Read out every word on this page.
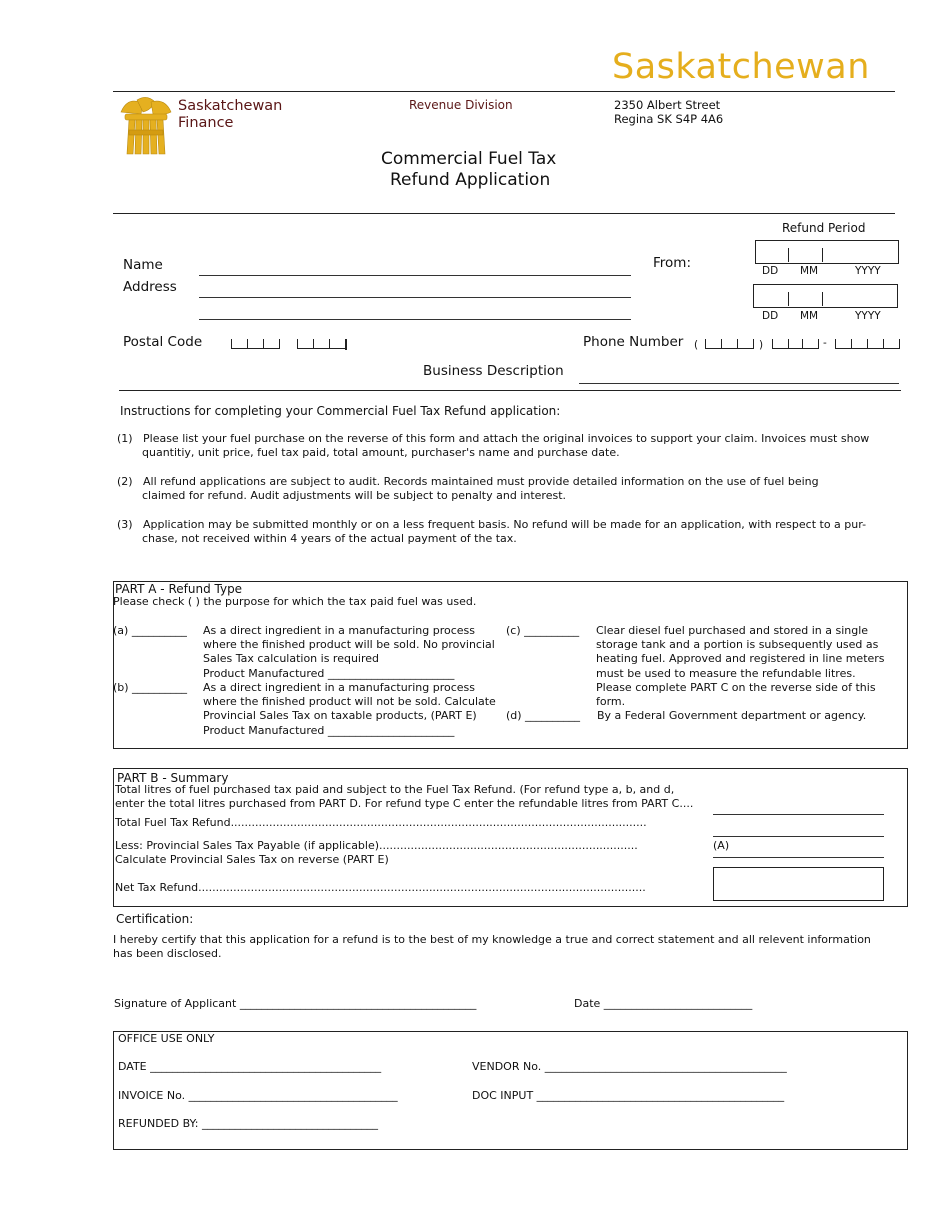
Saskatchewan
Saskatchewan
Finance
Revenue Division	2350 Albert Street
Regina SK S4P 4A6
Commercial Fuel Tax
Refund Application
Name
Address
Refund Period
From:	DD MM	YYYY
DD MM	YYYY
Postal Code	Phone Number (	)	-
Business Description
Instructions for completing your Commercial Fuel Tax Refund application:
(1) Please list your fuel purchase on the reverse of this form and attach the original invoices to support your claim. Invoices must show
quantitiy, unit price, fuel tax paid, total amount, purchaser's name and purchase date.
(2) All refund applications are subject to audit. Records maintained must provide detailed information on the use of fuel being
claimed for refund. Audit adjustments will be subject to penalty and interest.
(3) Application may be submitted monthly or on a less frequent basis. No refund will be made for an application, with respect to a pur-
chase, not received within 4 years of the actual payment of the tax.
PART A - Refund Type
Please check ( ) the purpose for which the tax paid fuel was used.
(a) __________ As a direct ingredient in a manufacturing process
where the finished product will be sold. No provincial
Sales Tax calculation is required
Product Manufactured _______________________
(b) __________ As a direct ingredient in a manufacturing process
where the finished product will not be sold. Calculate
Provincial Sales Tax on taxable products, (PART E)
Product Manufactured _______________________
(c) __________ Clear diesel fuel purchased and stored in a single
storage tank and a portion is subsequently used as
heating fuel. Approved and registered in line meters
must be used to measure the refundable litres.
Please complete PART C on the reverse side of this
form.
(d) __________ By a Federal Government department or agency.
PART B - Summary
Total litres of fuel purchased tax paid and subject to the Fuel Tax Refund. (For refund type a, b, and d,
enter the total litres purchased from PART D. For refund type C enter the refundable litres from PART C....
Total Fuel Tax Refund.......................................................................................................................
Less: Provincial Sales Tax Payable (if applicable)..........................................................................	(A)
Calculate Provincial Sales Tax on reverse (PART E)
Net Tax Refund................................................................................................................................
Certification:
I hereby certify that this application for a refund is to the best of my knowledge a true and correct statement and all relevent information
has been disclosed.
Signature of Applicant ___________________________________________	Date ___________________________
OFFICE USE ONLY
DATE __________________________________________	VENDOR No. ____________________________________________
INVOICE No. ______________________________________	DOC INPUT _____________________________________________
REFUNDED BY: ________________________________
